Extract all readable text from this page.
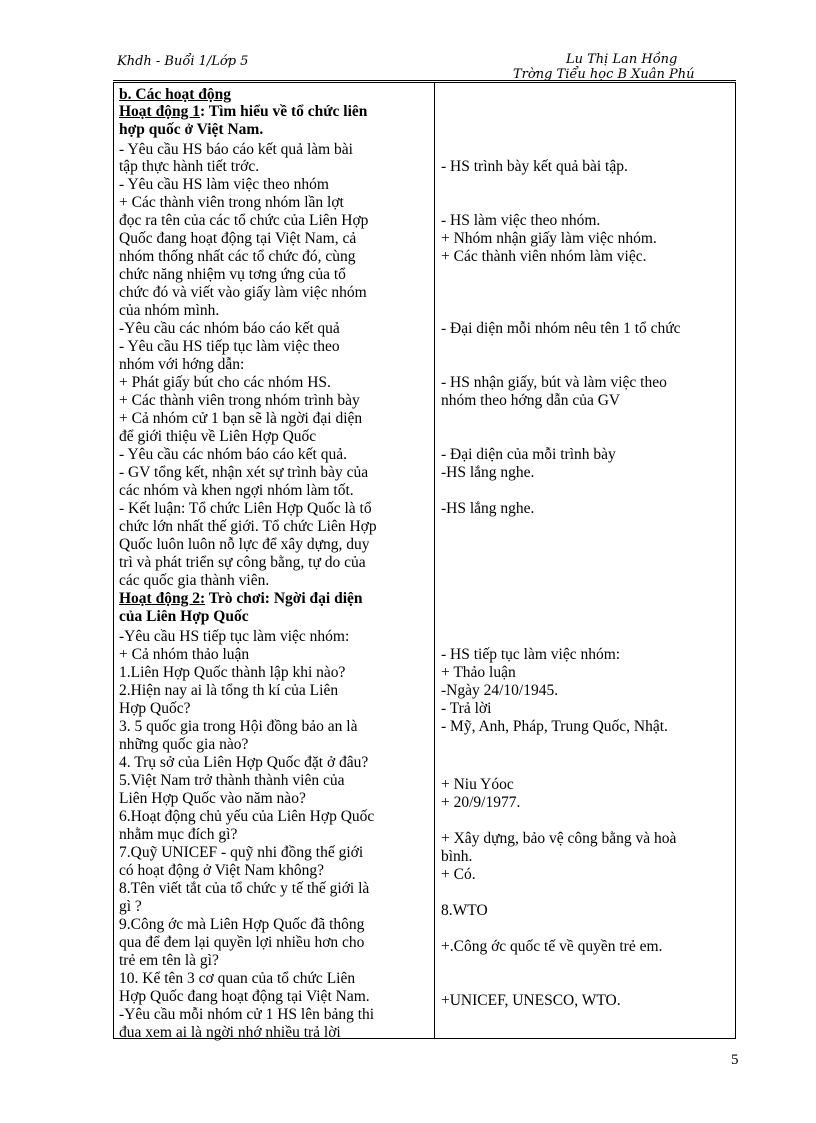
Khdh - Buổi 1/Lớp 5	Lu Thị Lan Hồng
Trờng Tiểu học B Xuân Phú
b. Các hoạt động
Hoạt động 1: Tìm hiểu về tổ chức liên
hợp quốc ở Việt Nam.
- Yêu cầu HS báo cáo kết quả làm bài
tập thực hành tiết trớc.
- Yêu cầu HS làm việc theo nhóm
+ Các thành viên trong nhóm lần lợt
đọc ra tên của các tổ chức của Liên Hợp
Quốc đang hoạt động tại Việt Nam, cả
nhóm thống nhất các tổ chức đó, cùng
chức năng nhiệm vụ tơng ứng của tổ
chức đó và viết vào giấy làm việc nhóm
của nhóm mình.
-Yêu cầu các nhóm báo cáo kết quả
- Yêu cầu HS tiếp tục làm việc theo
nhóm với hớng dẫn:
+ Phát giấy bút cho các nhóm HS.
+ Các thành viên trong nhóm trình bày
+ Cả nhóm cử 1 bạn sẽ là ngời đại diện
để giới thiệu về Liên Hợp Quốc
- Yêu cầu các nhóm báo cáo kết quả.
- GV tổng kết, nhận xét sự trình bày của
các nhóm và khen ngợi nhóm làm tốt.
- Kết luận: Tổ chức Liên Hợp Quốc là tổ
chức lớn nhất thế giới. Tổ chức Liên Hợp
Quốc luôn luôn nỗ lực để xây dựng, duy
trì và phát triển sự công bằng, tự do của
các quốc gia thành viên.
Hoạt động 2: Trò chơi: Ngời đại diện
của Liên Hợp Quốc
-Yêu cầu HS tiếp tục làm việc nhóm:
+ Cả nhóm thảo luận
1.Liên Hợp Quốc thành lập khi nào?
2.Hiện nay ai là tổng th kí của Liên
Hợp Quốc?
3. 5 quốc gia trong Hội đồng bảo an là
những quốc gia nào?
4. Trụ sở của Liên Hợp Quốc đặt ở đâu?
5.Việt Nam trở thành thành viên của
Liên Hợp Quốc vào năm nào?
6.Hoạt động chủ yếu của Liên Hợp Quốc
nhằm mục đích gì?
7.Quỹ UNICEF - quỹ nhi đồng thế giới
có hoạt động ở Việt Nam không?
8.Tên viết tắt của tổ chức y tế thế giới là
gì ?
9.Công ớc mà Liên Hợp Quốc đã thông
qua để đem lại quyền lợi nhiều hơn cho
trẻ em tên là gì?
10. Kể tên 3 cơ quan của tổ chức Liên
Hợp Quốc đang hoạt động tại Việt Nam.
-Yêu cầu mỗi nhóm cử 1 HS lên bảng thi
đua xem ai là ngời nhớ nhiều trả lời
- HS trình bày kết quả bài tập.
- HS làm việc theo nhóm.
+ Nhóm nhận giấy làm việc nhóm.
+ Các thành viên nhóm làm việc.
- Đại diện mỗi nhóm nêu tên 1 tổ chức
- HS nhận giấy, bút và làm việc theo
nhóm theo hớng dẫn của GV
- Đại diện của mỗi trình bày
-HS lắng nghe.
-HS lắng nghe.
- HS tiếp tục làm việc nhóm:
+ Thảo luận
-Ngày 24/10/1945.
- Trả lời
- Mỹ, Anh, Pháp, Trung Quốc, Nhật.
+ Niu Yóoc
+ 20/9/1977.
+ Xây dựng, bảo vệ công bằng và hoà
bình.
+ Có.
8.WTO
+.Công ớc quốc tế về quyền trẻ em.
+UNICEF, UNESCO, WTO.
5
